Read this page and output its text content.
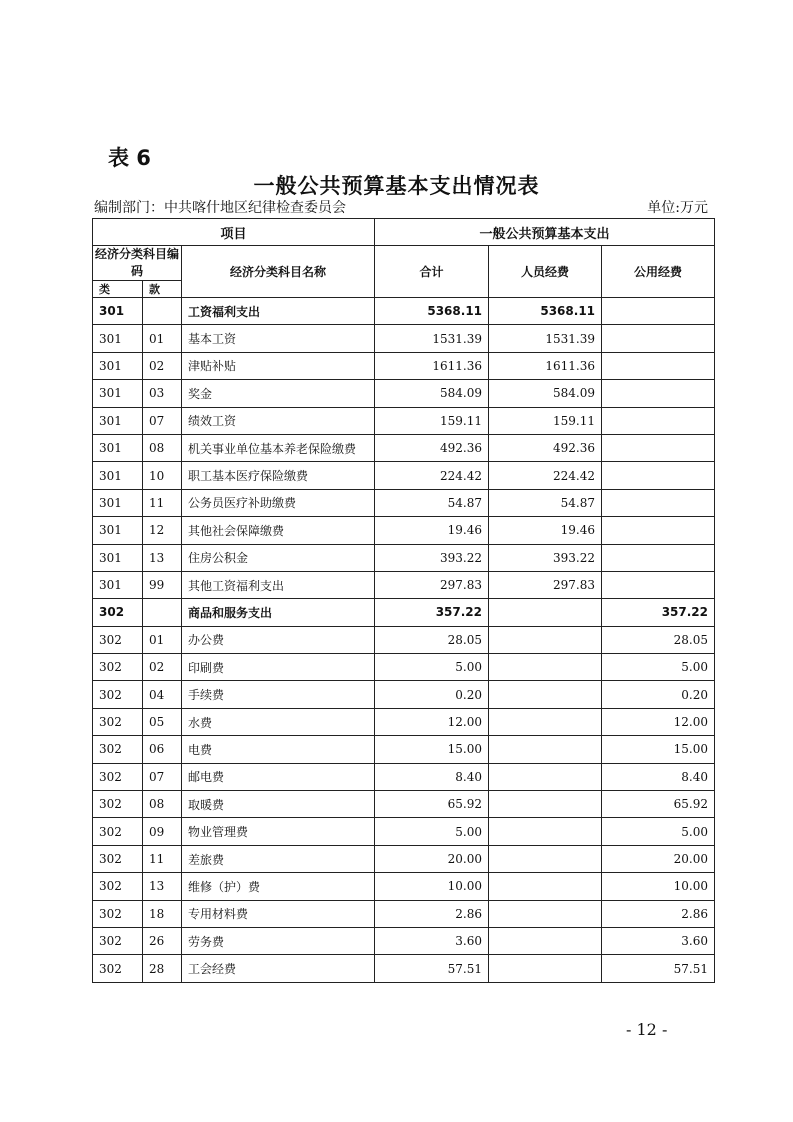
表 6
一般公共预算基本支出情况表
编制部门：中共喀什地区纪律检查委员会	单位:万元
项目			一般公共预算基本支出		
经济分类科目编码		经济分类科目名称	合计	人员经费	公用经费
类	款				
301		工资福利支出	5368.11	5368.11	
301	01	基本工资	1531.39	1531.39	
301	02	津贴补贴	1611.36	1611.36	
301	03	奖金	584.09	584.09	
301	07	绩效工资	159.11	159.11	
301	08	机关事业单位基本养老保险缴费	492.36	492.36	
301	10	职工基本医疗保险缴费	224.42	224.42	
301	11	公务员医疗补助缴费	54.87	54.87	
301	12	其他社会保障缴费	19.46	19.46	
301	13	住房公积金	393.22	393.22	
301	99	其他工资福利支出	297.83	297.83	
302		商品和服务支出	357.22		357.22
302	01	办公费	28.05		28.05
302	02	印刷费	5.00		5.00
302	04	手续费	0.20		0.20
302	05	水费	12.00		12.00
302	06	电费	15.00		15.00
302	07	邮电费	8.40		8.40
302	08	取暖费	65.92		65.92
302	09	物业管理费	5.00		5.00
302	11	差旅费	20.00		20.00
302	13	维修（护）费	10.00		10.00
302	18	专用材料费	2.86		2.86
302	26	劳务费	3.60		3.60
302	28	工会经费	57.51		57.51
- 12 -
